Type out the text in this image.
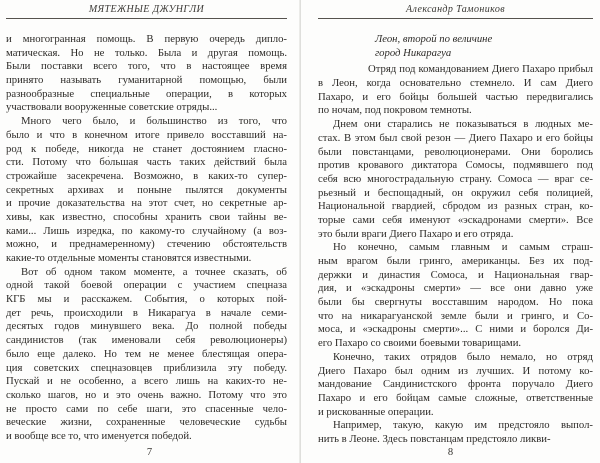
МЯТЕЖНЫЕ ДЖУНГЛИ
и многогранная помощь. В первую очередь дипло-
матическая. Но не только. Была и другая помощь.
Были поставки всего того, что в настоящее время
принято называть гуманитарной помощью, были
разнообразные специальные операции, в которых
участвовали вооруженные советские отряды...
Много чего было, и большинство из того, что
было и что в конечном итоге привело восставший на-
род к победе, никогда не станет достоянием гласно-
сти. Потому что бо́льшая часть таких действий была
строжайше засекречена. Возможно, в каких-то супер-
секретных архивах и поныне пылятся документы
и прочие доказательства на этот счет, но секретные ар-
хивы, как известно, способны хранить свои тайны ве-
ками... Лишь изредка, по какому-то случайному (а воз-
можно, и преднамеренному) стечению обстоятельств
какие-то отдельные моменты становятся известными.
Вот об одном таком моменте, а точнее сказать, об
одной такой боевой операции с участием спецназа
КГБ мы и расскажем. События, о которых пой-
дет речь, происходили в Никарагуа в начале семи-
десятых годов минувшего века. До полной победы
сандинистов (так именовали себя революционеры)
было еще далеко. Но тем не менее блестящая опера-
ция советских спецназовцев приблизила эту победу.
Пускай и не особенно, а всего лишь на каких-то не-
сколько шагов, но и это очень важно. Потому что это
не просто сами по себе шаги, это спасенные чело-
веческие жизни, сохраненные человеческие судьбы
и вообще все то, что именуется победой.
7
Александр Тамоников
Леон, второй по величине
город Никарагуа
Отряд под командованием Диего Пахаро прибыл
в Леон, когда основательно стемнело. И сам Диего
Пахаро, и его бойцы большей частью передвигались
по ночам, под покровом темноты.
Днем они старались не показываться в людных ме-
стах. В этом был свой резон — Диего Пахаро и его бойцы
были повстанцами, революционерами. Они боролись
против кровавого диктатора Сомосы, подмявшего под
себя всю многострадальную страну. Сомоса — враг се-
рьезный и беспощадный, он окружил себя полицией,
Национальной гвардией, сбродом из разных стран, ко-
торые сами себя именуют «эскадронами смерти». Все
это были враги Диего Пахаро и его отряда.
Но конечно, самым главным и самым страш-
ным врагом были гринго, американцы. Без их под-
держки и династия Сомоса, и Национальная гвар-
дия, и «эскадроны смерти» — все они давно уже
были бы свергнуты восставшим народом. Но пока
что на никарагуанской земле были и гринго, и Со-
моса, и «эскадроны смерти»... С ними и боролся Ди-
его Пахаро со своими боевыми товарищами.
Конечно, таких отрядов было немало, но отряд
Диего Пахаро был одним из лучших. И потому ко-
мандование Сандинистского фронта поручало Диего
Пахаро и его бойцам самые сложные, ответственные
и рискованные операции.
Например, такую, какую им предстояло выпол-
нить в Леоне. Здесь повстанцам предстояло ликви-
8
